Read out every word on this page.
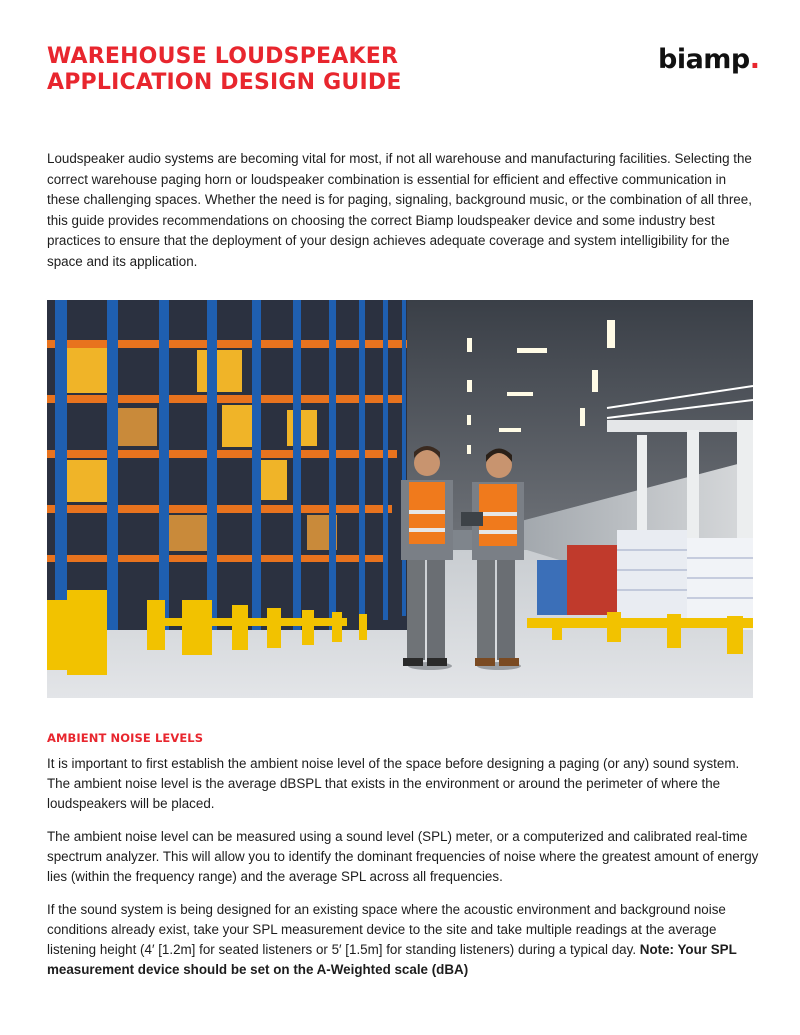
WAREHOUSE LOUDSPEAKER
APPLICATION DESIGN GUIDE
biamp.

Loudspeaker audio systems are becoming vital for most, if not all warehouse and manufacturing facilities. Selecting the correct warehouse paging horn or loudspeaker combination is essential for efficient and effective communication in these challenging spaces. Whether the need is for paging, signaling, background music, or the combination of all three, this guide provides recommendations on choosing the correct Biamp loudspeaker device and some industry best practices to ensure that the deployment of your design achieves adequate coverage and system intelligibility for the space and its application.

AMBIENT NOISE LEVELS

It is important to first establish the ambient noise level of the space before designing a paging (or any) sound system. The ambient noise level is the average dBSPL that exists in the environment or around the perimeter of where the loudspeakers will be placed.

The ambient noise level can be measured using a sound level (SPL) meter, or a computerized and calibrated real-time spectrum analyzer. This will allow you to identify the dominant frequencies of noise where the greatest amount of energy lies (within the frequency range) and the average SPL across all frequencies.

If the sound system is being designed for an existing space where the acoustic environment and background noise conditions already exist, take your SPL measurement device to the site and take multiple readings at the average listening height (4′ [1.2m] for seated listeners or 5′ [1.5m] for standing listeners) during a typical day. Note: Your SPL measurement device should be set on the A-Weighted scale (dBA)
